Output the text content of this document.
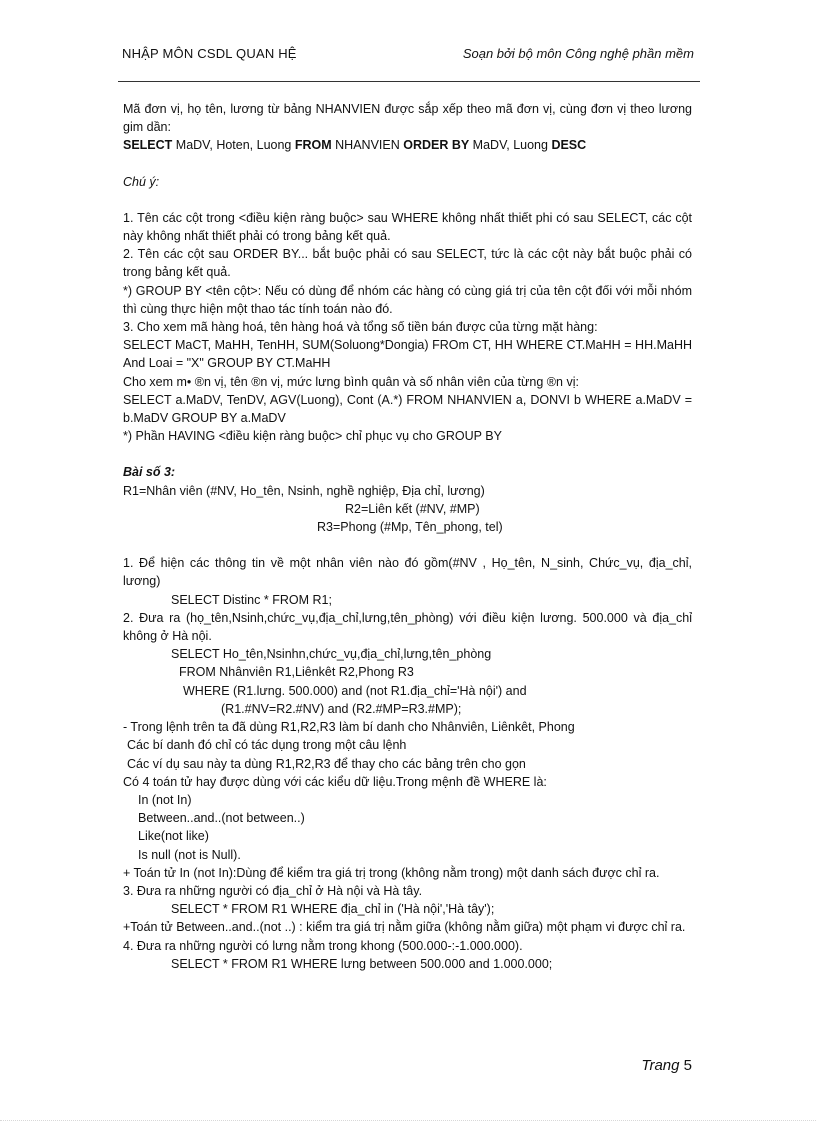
NHẬP MÔN CSDL QUAN HỆ	Soạn bởi bộ môn Công nghệ phần mềm

Mã đơn vị, họ tên, lương từ bảng NHANVIEN được sắp xếp theo mã đơn vị, cùng đơn vị theo lương gim dần:

SELECT MaDV, Hoten, Luong FROM NHANVIEN ORDER BY MaDV, Luong DESC

Chú ý:

1. Tên các cột trong <điều kiện ràng buộc> sau WHERE không nhất thiết phi có sau SELECT, các cột này không nhất thiết phải có trong bảng kết quả.

2. Tên các cột sau ORDER BY... bắt buộc phải có sau SELECT, tức là các cột này bắt buộc phải có trong bảng kết quả.

*) GROUP BY <tên cột>: Nếu có dùng để nhóm các hàng có cùng giá trị của tên cột đối với mỗi nhóm thì cùng thực hiện một thao tác tính toán nào đó.

3. Cho xem mã hàng hoá, tên hàng hoá và tổng số tiền bán được của từng mặt hàng:

SELECT MaCT, MaHH, TenHH, SUM(Soluong*Dongia) FROm CT, HH WHERE CT.MaHH = HH.MaHH And Loai = "X" GROUP BY CT.MaHH

Cho xem m• ®n vị, tên ®n vị, mức lưng bình quân và số nhân viên của từng ®n vị:

SELECT a.MaDV, TenDV, AGV(Luong), Cont (A.*) FROM NHANVIEN a, DONVI b WHERE a.MaDV = b.MaDV GROUP BY a.MaDV

*) Phần HAVING <điều kiện ràng buộc> chỉ phục vụ cho GROUP BY

Bài số 3:

R1=Nhân viên (#NV, Ho_tên, Nsinh, nghề nghiệp, Địa chỉ, lương)

R2=Liên kết (#NV, #MP)

R3=Phong (#Mp, Tên_phong, tel)

1. Để hiện các thông tin về một nhân viên nào đó gồm(#NV , Họ_tên, N_sinh, Chức_vụ, địa_chỉ, lương)

SELECT Distinc * FROM R1;

2. Đưa ra (họ_tên,Nsinh,chức_vụ,địa_chỉ,lưng,tên_phòng) với điều kiện lương. 500.000 và địa_chỉ không ở Hà nội.

SELECT Ho_tên,Nsinhn,chức_vụ,địa_chỉ,lưng,tên_phòng

FROM Nhânviên R1,Liênkêt R2,Phong R3

WHERE (R1.lưng. 500.000) and (not R1.địa_chỉ='Hà nội') and

(R1.#NV=R2.#NV) and (R2.#MP=R3.#MP);

- Trong lệnh trên ta đã dùng R1,R2,R3 làm bí danh cho Nhânviên, Liênkêt, Phong

Các bí danh đó chỉ có tác dụng trong một câu lệnh

Các ví dụ sau này ta dùng R1,R2,R3 để thay cho các bảng trên cho gọn

Có 4 toán tử hay được dùng với các kiểu dữ liệu.Trong mệnh đề WHERE là:

In (not In)

Between..and..(not between..)

Like(not like)

Is null (not is Null).

+ Toán tử In (not In):Dùng để kiểm tra giá trị trong (không nằm trong) một danh sách được chỉ ra.

3. Đưa ra những người có địa_chỉ ở Hà nội và Hà tây.

SELECT * FROM R1 WHERE địa_chỉ in ('Hà nội','Hà tây');

+Toán tử Between..and..(not ..) : kiểm tra giá trị nằm giữa (không nằm giữa) một phạm vi được chỉ ra.

4. Đưa ra những người có lưng nằm trong khong (500.000-:-1.000.000).

SELECT * FROM R1 WHERE lưng between 500.000 and 1.000.000;

Trang 5
